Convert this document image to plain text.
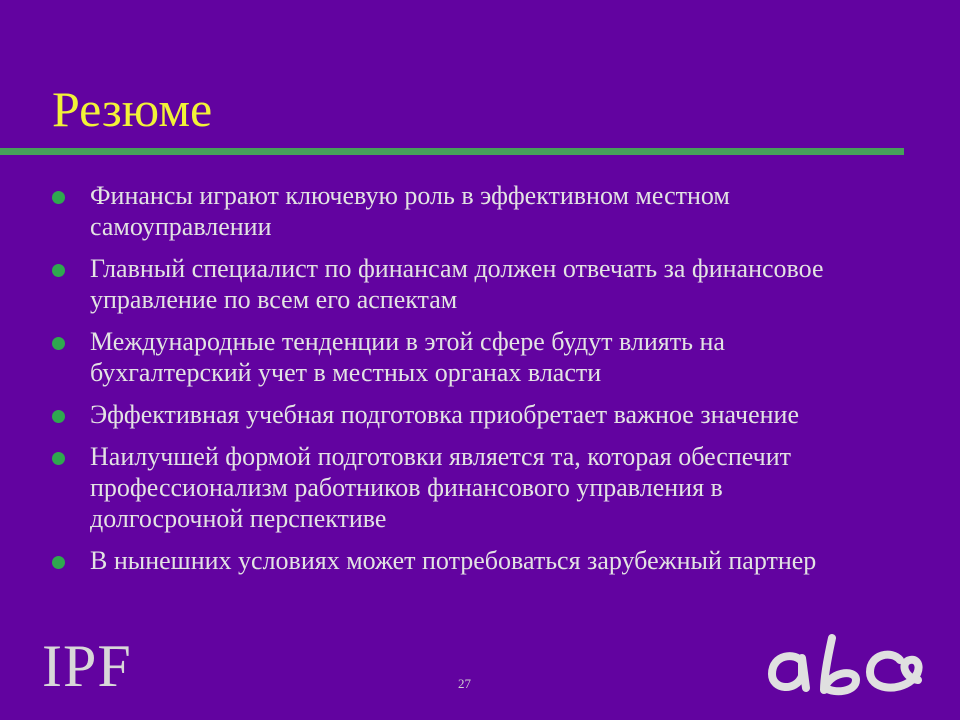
Резюме
Финансы играют ключевую роль в эффективном местном самоуправлении
Главный специалист по финансам должен отвечать за финансовое управление по всем его аспектам
Международные тенденции в этой сфере будут влиять на бухгалтерский учет в местных органах власти
Эффективная учебная подготовка приобретает важное значение
Наилучшей формой подготовки является та, которая обеспечит профессионализм работников финансового управления в долгосрочной перспективе
В нынешних условиях может потребоваться зарубежный партнер
IPF	27
